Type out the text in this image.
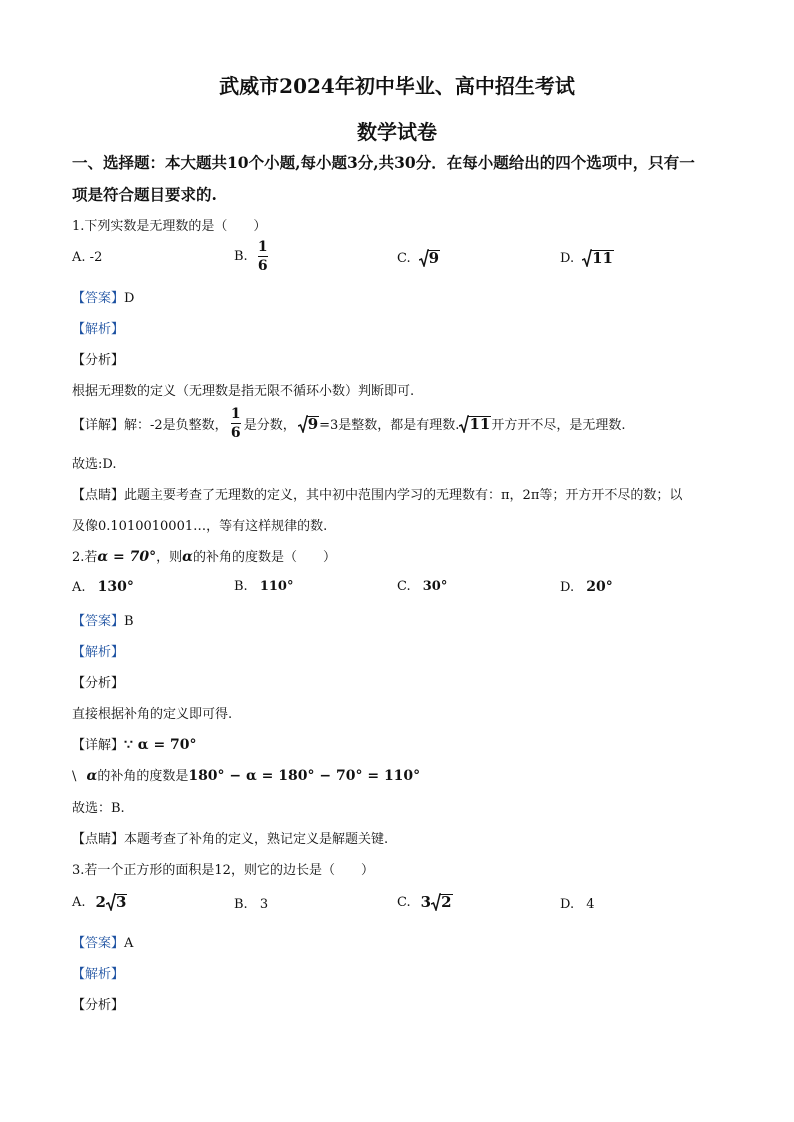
武威市2024年初中毕业、高中招生考试
数学试卷
一、选择题：本大题共10个小题,每小题3分,共30分．在每小题给出的四个选项中，只有一
项是符合题目要求的.
1.下列实数是无理数的是（　　）
A. -2	B. $\frac{1}{6}$	C. 9	D. 11
【答案】D
【解析】
【分析】
根据无理数的定义（无理数是指无限不循环小数）判断即可.
【详解】 解：-2是负整数， $\frac{1}{6}$ 是分数， 9 =3是整数，都是有理数. 11 开方开不尽，是无理数.
故选:D.
【点睛】此题主要考查了无理数的定义，其中初中范围内学习的无理数有：π，2π等；开方开不尽的数；以
及像0.1010010001…，等有这样规律的数.
2.若α = 70°，则α的补角的度数是（　　）
A. 130°	B. 110°	C. 30°	D. 20°
【答案】B
【解析】
【分析】
直接根据补角的定义即可得.
【详解】∵ α = 70°
\ α的补角的度数是180° − α = 180° − 70° = 110°
故选：B.
【点睛】本题考查了补角的定义，熟记定义是解题关键.
3.若一个正方形的面积是12，则它的边长是（　　）
A. 2 3	B. 3	C. 3 2	D. 4
【答案】A
【解析】
【分析】
